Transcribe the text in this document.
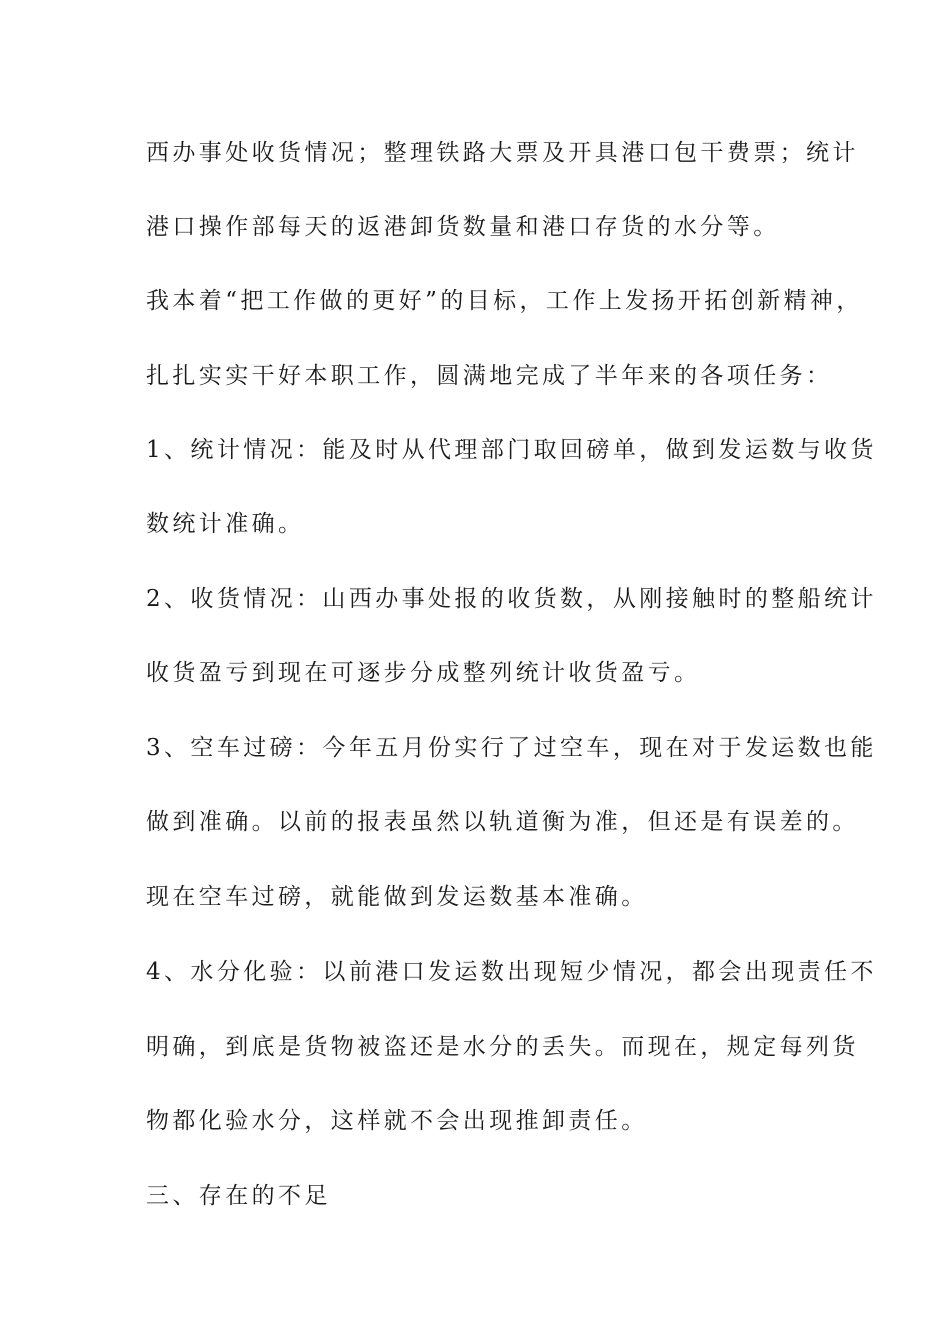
西办事处收货情况；整理铁路大票及开具港口包干费票；统计
港口操作部每天的返港卸货数量和港口存货的水分等。
我本着“把工作做的更好”的目标，工作上发扬开拓创新精神，
扎扎实实干好本职工作，圆满地完成了半年来的各项任务：
1、统计情况：能及时从代理部门取回磅单，做到发运数与收货
数统计准确。
2、收货情况：山西办事处报的收货数，从刚接触时的整船统计
收货盈亏到现在可逐步分成整列统计收货盈亏。
3、空车过磅：今年五月份实行了过空车，现在对于发运数也能
做到准确。以前的报表虽然以轨道衡为准，但还是有误差的。
现在空车过磅，就能做到发运数基本准确。
4、水分化验：以前港口发运数出现短少情况，都会出现责任不
明确，到底是货物被盗还是水分的丢失。而现在，规定每列货
物都化验水分，这样就不会出现推卸责任。
三、存在的不足
